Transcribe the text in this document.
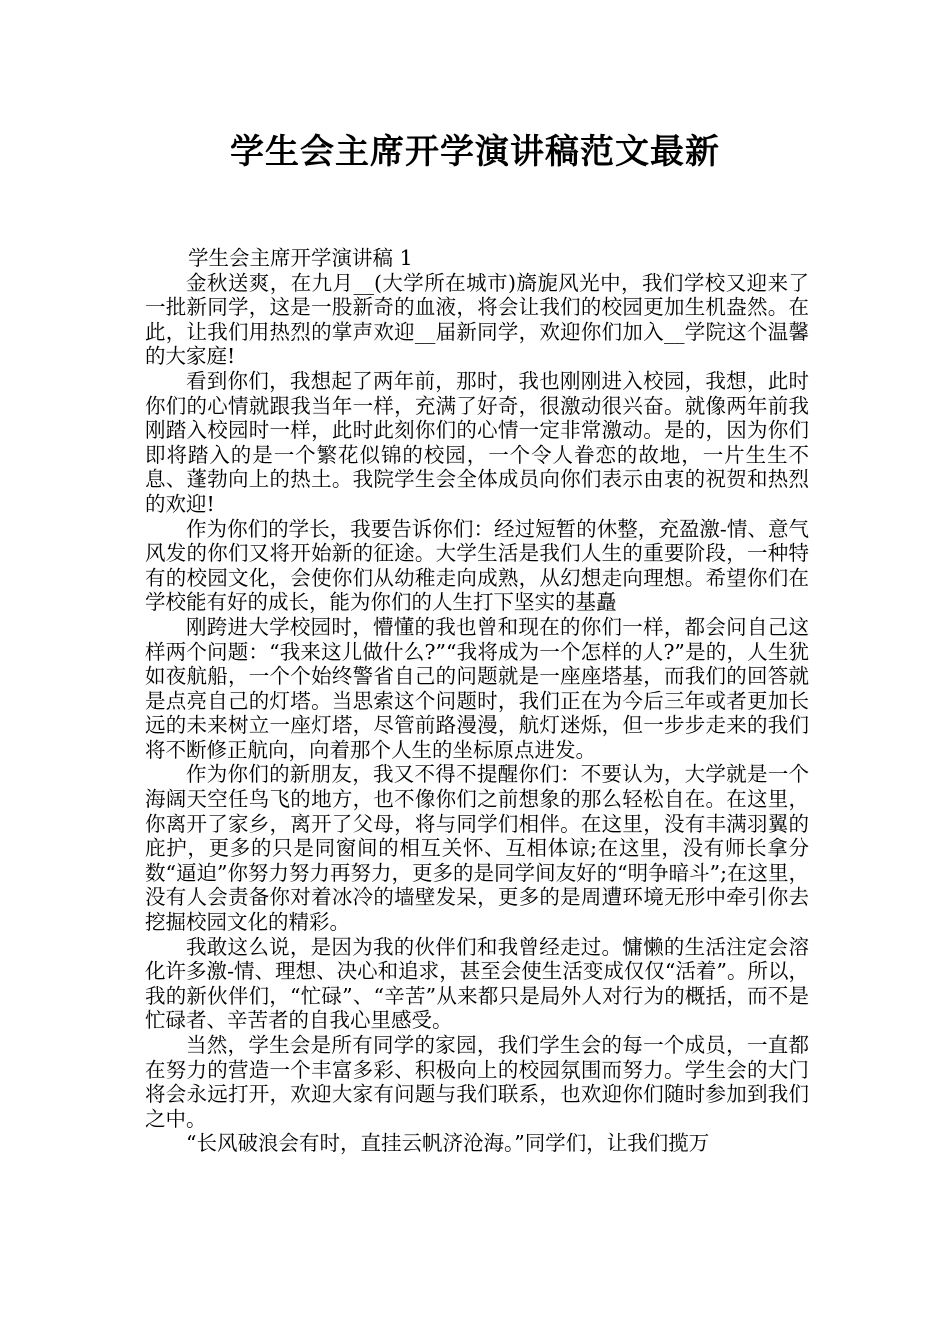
学生会主席开学演讲稿范文最新

学生会主席开学演讲稿 1

金秋送爽，在九月__(大学所在城市)旖旎风光中，我们学校又迎来了一批新同学，这是一股新奇的血液，将会让我们的校园更加生机盎然。在此，让我们用热烈的掌声欢迎__届新同学，欢迎你们加入__学院这个温馨的大家庭!

看到你们，我想起了两年前，那时，我也刚刚进入校园，我想，此时你们的心情就跟我当年一样，充满了好奇，很激动很兴奋。就像两年前我刚踏入校园时一样，此时此刻你们的心情一定非常激动。是的，因为你们即将踏入的是一个繁花似锦的校园，一个令人眷恋的故地，一片生生不息、蓬勃向上的热土。我院学生会全体成员向你们表示由衷的祝贺和热烈的欢迎!

作为你们的学长，我要告诉你们：经过短暂的休整，充盈激-情、意气风发的你们又将开始新的征途。大学生活是我们人生的重要阶段，一种特有的校园文化，会使你们从幼稚走向成熟，从幻想走向理想。希望你们在学校能有好的成长，能为你们的人生打下坚实的基矗

刚跨进大学校园时，懵懂的我也曾和现在的你们一样，都会问自己这样两个问题：“我来这儿做什么?”“我将成为一个怎样的人?”是的，人生犹如夜航船，一个个始终警省自己的问题就是一座座塔基，而我们的回答就是点亮自己的灯塔。当思索这个问题时，我们正在为今后三年或者更加长远的未来树立一座灯塔，尽管前路漫漫，航灯迷烁，但一步步走来的我们将不断修正航向，向着那个人生的坐标原点进发。

作为你们的新朋友，我又不得不提醒你们：不要认为，大学就是一个海阔天空任鸟飞的地方，也不像你们之前想象的那么轻松自在。在这里，你离开了家乡，离开了父母，将与同学们相伴。在这里，没有丰满羽翼的庇护，更多的只是同窗间的相互关怀、互相体谅;在这里，没有师长拿分数“逼迫”你努力努力再努力，更多的是同学间友好的“明争暗斗”;在这里，没有人会责备你对着冰冷的墙壁发呆，更多的是周遭环境无形中牵引你去挖掘校园文化的精彩。

我敢这么说，是因为我的伙伴们和我曾经走过。慵懒的生活注定会溶化许多激-情、理想、决心和追求，甚至会使生活变成仅仅“活着”。所以，我的新伙伴们，“忙碌”、“辛苦”从来都只是局外人对行为的概括，而不是忙碌者、辛苦者的自我心里感受。

当然，学生会是所有同学的家园，我们学生会的每一个成员，一直都在努力的营造一个丰富多彩、积极向上的校园氛围而努力。学生会的大门将会永远打开，欢迎大家有问题与我们联系，也欢迎你们随时参加到我们之中。

“长风破浪会有时，直挂云帆济沧海。”同学们，让我们揽万
